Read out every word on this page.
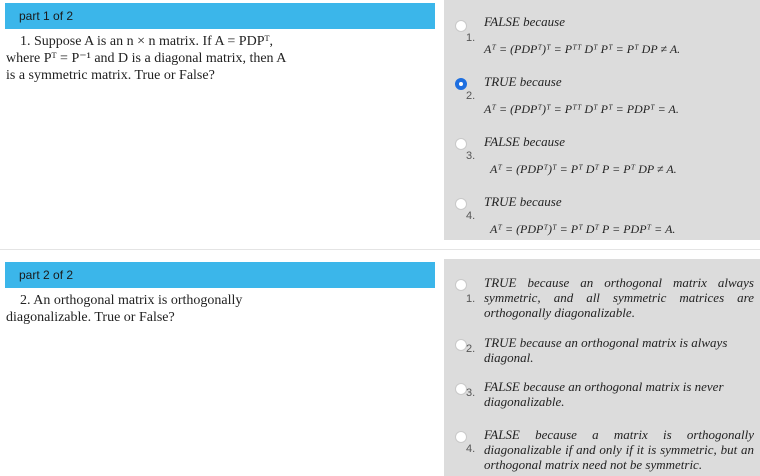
part 1 of 2
1. Suppose A is an n × n matrix. If A = PDPᵀ, where Pᵀ = P⁻¹ and D is a diagonal matrix, then A is a symmetric matrix. True or False?
1.
FALSE because
Aᵀ = (PDPᵀ)ᵀ = Pᵀᵀ Dᵀ Pᵀ = Pᵀ DP ≠ A.
2.
TRUE because
Aᵀ = (PDPᵀ)ᵀ = Pᵀᵀ Dᵀ Pᵀ = PDPᵀ = A.
3.
FALSE because
Aᵀ = (PDPᵀ)ᵀ = Pᵀ Dᵀ P = Pᵀ DP ≠ A.
4.
TRUE because
Aᵀ = (PDPᵀ)ᵀ = Pᵀ Dᵀ P = PDPᵀ = A.
part 2 of 2
2. An orthogonal matrix is orthogonally diagonalizable. True or False?
1.
TRUE because an orthogonal matrix always symmetric, and all symmetric matrices are orthogonally diagonalizable.
2. TRUE because an orthogonal matrix is always diagonal.
3. FALSE because an orthogonal matrix is never diagonalizable.
4.
FALSE because a matrix is orthogonally diagonalizable if and only if it is symmetric, but an orthogonal matrix need not be symmetric.
